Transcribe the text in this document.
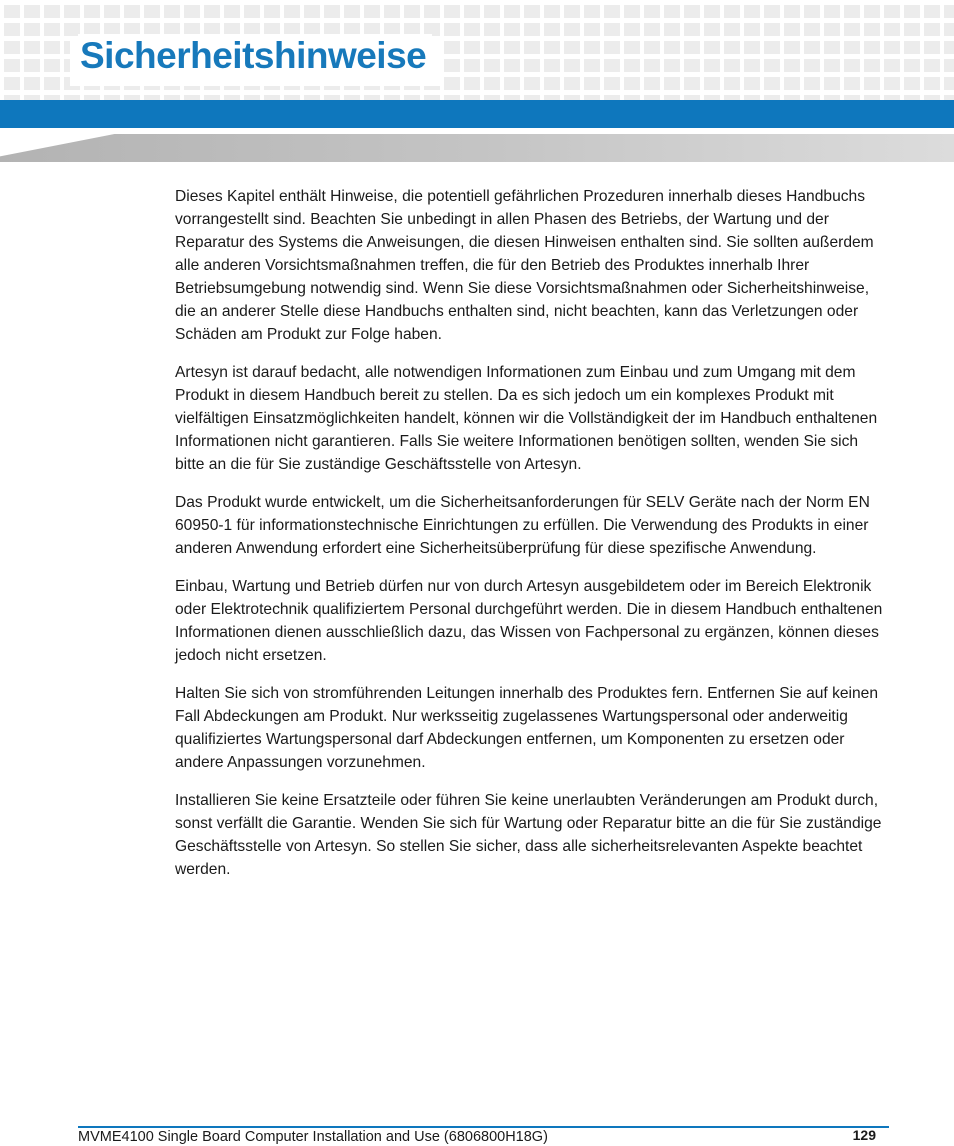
Sicherheitshinweise

Dieses Kapitel enthält Hinweise, die potentiell gefährlichen Prozeduren innerhalb dieses Handbuchs vorrangestellt sind. Beachten Sie unbedingt in allen Phasen des Betriebs, der Wartung und der Reparatur des Systems die Anweisungen, die diesen Hinweisen enthalten sind. Sie sollten außerdem alle anderen Vorsichtsmaßnahmen treffen, die für den Betrieb des Produktes innerhalb Ihrer Betriebsumgebung notwendig sind. Wenn Sie diese Vorsichtsmaßnahmen oder Sicherheitshinweise, die an anderer Stelle diese Handbuchs enthalten sind, nicht beachten, kann das Verletzungen oder Schäden am Produkt zur Folge haben.

Artesyn ist darauf bedacht, alle notwendigen Informationen zum Einbau und zum Umgang mit dem Produkt in diesem Handbuch bereit zu stellen. Da es sich jedoch um ein komplexes Produkt mit vielfältigen Einsatzmöglichkeiten handelt, können wir die Vollständigkeit der im Handbuch enthaltenen Informationen nicht garantieren. Falls Sie weitere Informationen benötigen sollten, wenden Sie sich bitte an die für Sie zuständige Geschäftsstelle von Artesyn.

Das Produkt wurde entwickelt, um die Sicherheitsanforderungen für SELV Geräte nach der Norm EN 60950-1 für informationstechnische Einrichtungen zu erfüllen. Die Verwendung des Produkts in einer anderen Anwendung erfordert eine Sicherheitsüberprüfung für diese spezifische Anwendung.

Einbau, Wartung und Betrieb dürfen nur von durch Artesyn ausgebildetem oder im Bereich Elektronik oder Elektrotechnik qualifiziertem Personal durchgeführt werden. Die in diesem Handbuch enthaltenen Informationen dienen ausschließlich dazu, das Wissen von Fachpersonal zu ergänzen, können dieses jedoch nicht ersetzen.

Halten Sie sich von stromführenden Leitungen innerhalb des Produktes fern. Entfernen Sie auf keinen Fall Abdeckungen am Produkt. Nur werksseitig zugelassenes Wartungspersonal oder anderweitig qualifiziertes Wartungspersonal darf Abdeckungen entfernen, um Komponenten zu ersetzen oder andere Anpassungen vorzunehmen.

Installieren Sie keine Ersatzteile oder führen Sie keine unerlaubten Veränderungen am Produkt durch, sonst verfällt die Garantie. Wenden Sie sich für Wartung oder Reparatur bitte an die für Sie zuständige Geschäftsstelle von Artesyn. So stellen Sie sicher, dass alle sicherheitsrelevanten Aspekte beachtet werden.

MVME4100 Single Board Computer Installation and Use (6806800H18G)	129
